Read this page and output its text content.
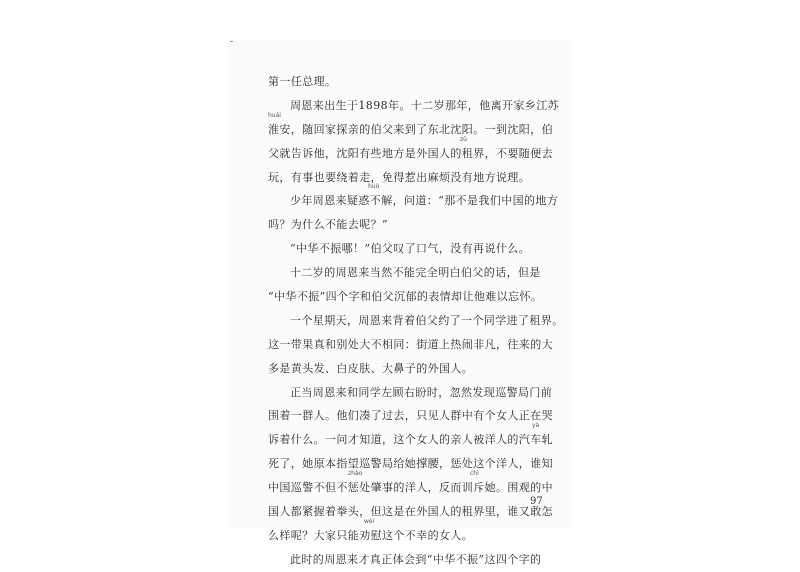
第一任总理。
周恩来出生于1898年。十二岁那年，他离开家乡江苏
huái
淮安，随回家探亲的伯父来到了东北沈阳。一到沈阳，伯
zū
父就告诉他，沈阳有些地方是外国人的租界，不要随便去
玩，有事也要绕着走，免得惹出麻烦没有地方说理。
huò
少年周恩来疑惑不解，问道：“那不是我们中国的地方
吗？为什么不能去呢？”
“中华不振哪！”伯父叹了口气，没有再说什么。
十二岁的周恩来当然不能完全明白伯父的话，但是
“中华不振”四个字和伯父沉郁的表情却让他难以忘怀。
一个星期天，周恩来背着伯父约了一个同学进了租界。
这一带果真和别处大不相同：街道上热闹非凡，往来的大
多是黄头发、白皮肤、大鼻子的外国人。
正当周恩来和同学左顾右盼时，忽然发现巡警局门前
围着一群人。他们凑了过去，只见人群中有个女人正在哭
yà
诉着什么。一问才知道，这个女人的亲人被洋人的汽车轧
死了，她原本指望巡警局给她撑腰，惩处这个洋人，谁知
zhào	chì
中国巡警不但不惩处肇事的洋人，反而训斥她。围观的中
国人都紧握着拳头，但这是在外国人的租界里，谁又敢怎
wèi
么样呢？大家只能劝慰这个不幸的女人。
此时的周恩来才真正体会到“中华不振”这四个字的
97
